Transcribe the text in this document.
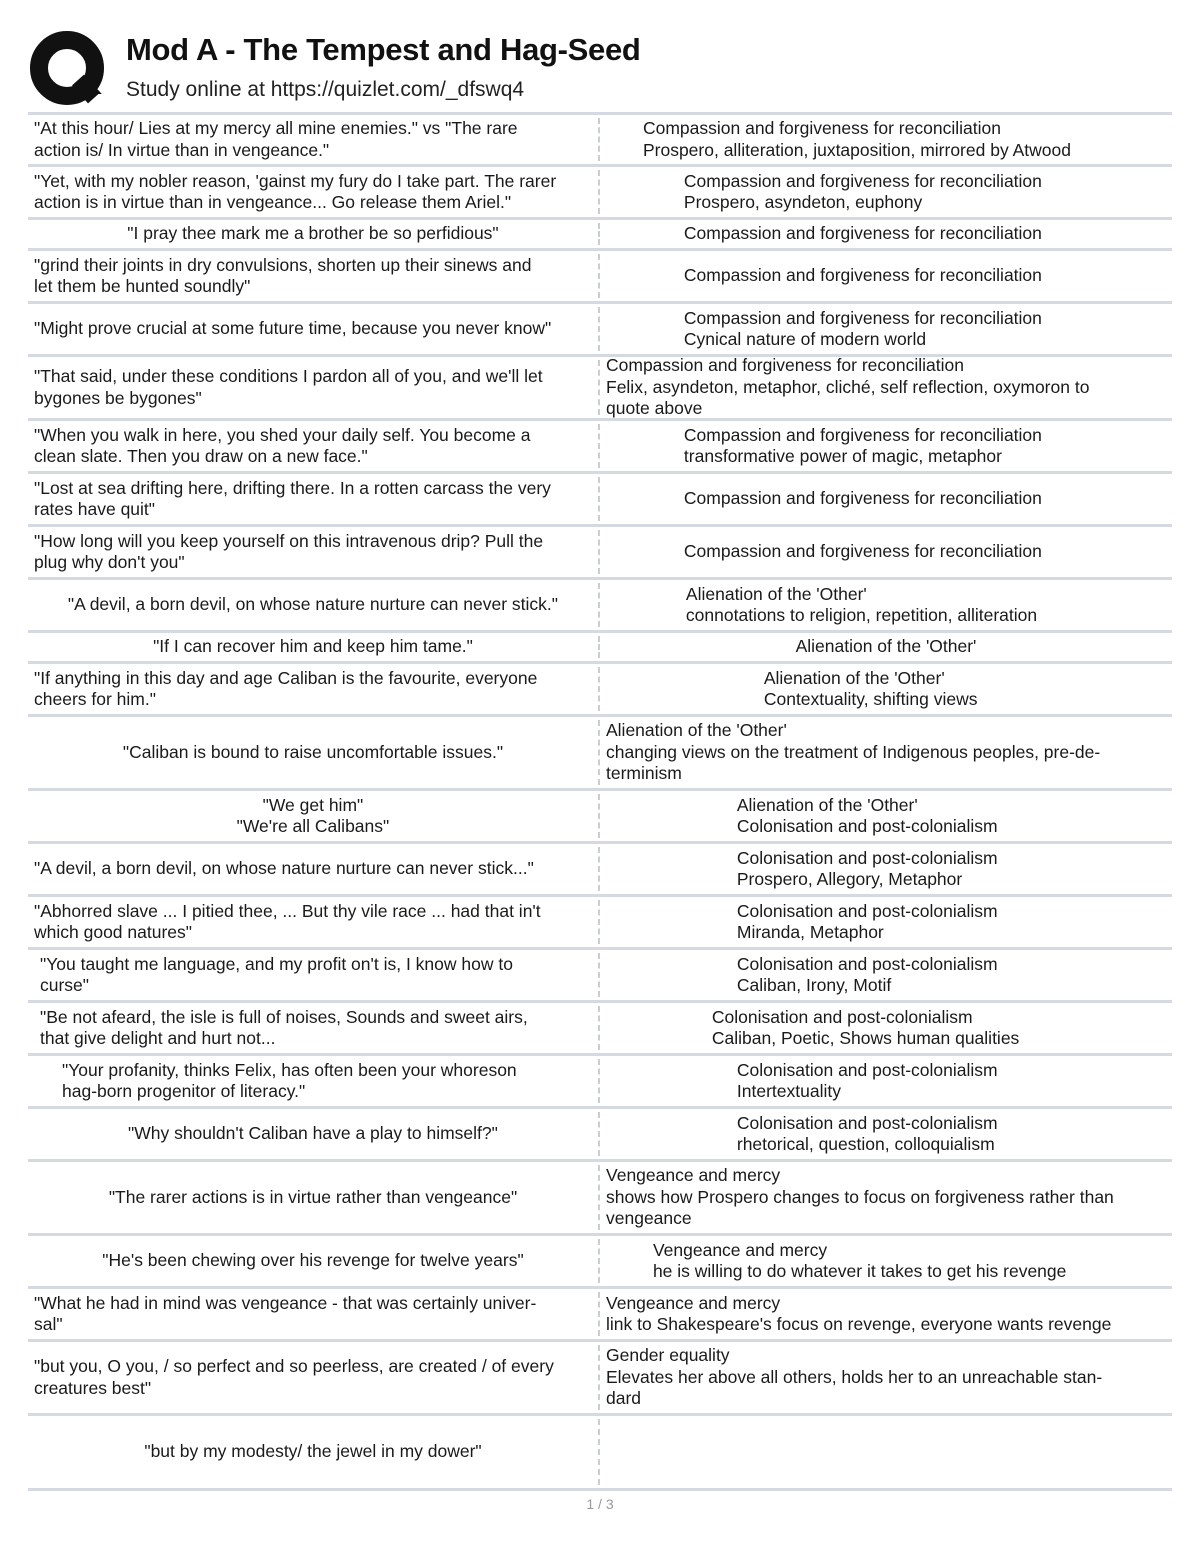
Mod A - The Tempest and Hag-Seed
Study online at https://quizlet.com/_dfswq4
"At this hour/ Lies at my mercy all mine enemies." vs "The rare
action is/ In virtue than in vengeance."
Compassion and forgiveness for reconciliation
Prospero, alliteration, juxtaposition, mirrored by Atwood
"Yet, with my nobler reason, 'gainst my fury do I take part. The rarer
action is in virtue than in vengeance... Go release them Ariel."
Compassion and forgiveness for reconciliation
Prospero, asyndeton, euphony
"I pray thee mark me a brother be so perfidious"	Compassion and forgiveness for reconciliation
"grind their joints in dry convulsions, shorten up their sinews and
let them be hunted soundly"
Compassion and forgiveness for reconciliation
"Might prove crucial at some future time, because you never know"
Compassion and forgiveness for reconciliation
Cynical nature of modern world
"That said, under these conditions I pardon all of you, and we'll let
bygones be bygones"
Compassion and forgiveness for reconciliation
Felix, asyndeton, metaphor, cliché, self reflection, oxymoron to
quote above
"When you walk in here, you shed your daily self. You become a
clean slate. Then you draw on a new face."
Compassion and forgiveness for reconciliation
transformative power of magic, metaphor
"Lost at sea drifting here, drifting there. In a rotten carcass the very
rates have quit"
Compassion and forgiveness for reconciliation
"How long will you keep yourself on this intravenous drip? Pull the
plug why don't you"
Compassion and forgiveness for reconciliation
"A devil, a born devil, on whose nature nurture can never stick."
Alienation of the 'Other'
connotations to religion, repetition, alliteration
"If I can recover him and keep him tame."	Alienation of the 'Other'
"If anything in this day and age Caliban is the favourite, everyone
cheers for him."
Alienation of the 'Other'
Contextuality, shifting views
"Caliban is bound to raise uncomfortable issues."
Alienation of the 'Other'
changing views on the treatment of Indigenous peoples, pre-de-
terminism
"We get him"
"We're all Calibans"
Alienation of the 'Other'
Colonisation and post-colonialism
"A devil, a born devil, on whose nature nurture can never stick..."
Colonisation and post-colonialism
Prospero, Allegory, Metaphor
"Abhorred slave ... I pitied thee, ... But thy vile race ... had that in't
which good natures"
Colonisation and post-colonialism
Miranda, Metaphor
"You taught me language, and my profit on't is, I know how to
curse"
Colonisation and post-colonialism
Caliban, Irony, Motif
"Be not afeard, the isle is full of noises, Sounds and sweet airs,
that give delight and hurt not...
Colonisation and post-colonialism
Caliban, Poetic, Shows human qualities
"Your profanity, thinks Felix, has often been your whoreson
hag-born progenitor of literacy."
Colonisation and post-colonialism
Intertextuality
"Why shouldn't Caliban have a play to himself?"
Colonisation and post-colonialism
rhetorical, question, colloquialism
"The rarer actions is in virtue rather than vengeance"
Vengeance and mercy
shows how Prospero changes to focus on forgiveness rather than
vengeance
"He's been chewing over his revenge for twelve years"
Vengeance and mercy
he is willing to do whatever it takes to get his revenge
"What he had in mind was vengeance - that was certainly univer-
sal"
Vengeance and mercy
link to Shakespeare's focus on revenge, everyone wants revenge
"but you, O you, / so perfect and so peerless, are created / of every
creatures best"
Gender equality
Elevates her above all others, holds her to an unreachable stan-
dard
"but by my modesty/ the jewel in my dower"
1 / 3
